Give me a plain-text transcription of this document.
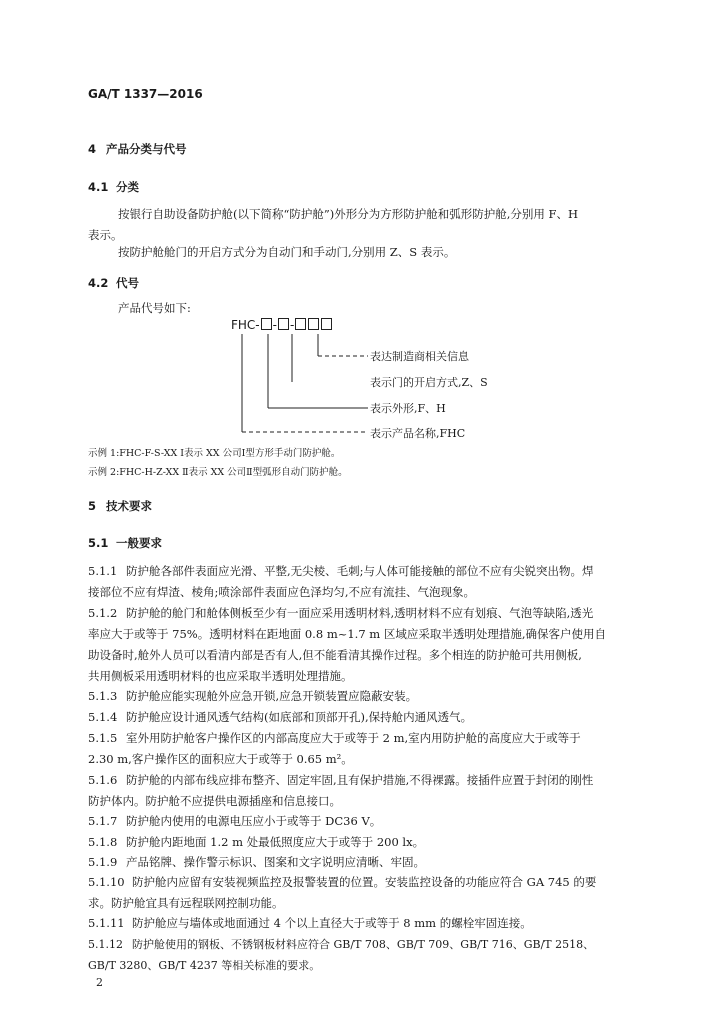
GA/T 1337—2016
4 产品分类与代号
4.1 分类
按银行自助设备防护舱(以下简称“防护舱”)外形分为方形防护舱和弧形防护舱,分别用 F、H
表示。
按防护舱舱门的开启方式分为自动门和手动门,分别用 Z、S 表示。
4.2 代号
产品代号如下:
FHC- - -
表达制造商相关信息
表示门的开启方式,Z、S
表示外形,F、H
表示产品名称,FHC
示例 1:FHC-F-S-XX Ⅰ表示 XX 公司Ⅰ型方形手动门防护舱。
示例 2:FHC-H-Z-XX Ⅱ表示 XX 公司Ⅱ型弧形自动门防护舱。
5 技术要求
5.1 一般要求
5.1.1 防护舱各部件表面应光滑、平整,无尖棱、毛刺;与人体可能接触的部位不应有尖锐突出物。焊
接部位不应有焊渣、棱角;喷涂部件表面应色泽均匀,不应有流挂、气泡现象。
5.1.2 防护舱的舱门和舱体侧板至少有一面应采用透明材料,透明材料不应有划痕、气泡等缺陷,透光
率应大于或等于 75%。透明材料在距地面 0.8 m~1.7 m 区域应采取半透明处理措施,确保客户使用自
助设备时,舱外人员可以看清内部是否有人,但不能看清其操作过程。多个相连的防护舱可共用侧板,
共用侧板采用透明材料的也应采取半透明处理措施。
5.1.3 防护舱应能实现舱外应急开锁,应急开锁装置应隐蔽安装。
5.1.4 防护舱应设计通风透气结构(如底部和顶部开孔),保持舱内通风透气。
5.1.5 室外用防护舱客户操作区的内部高度应大于或等于 2 m,室内用防护舱的高度应大于或等于
2.30 m,客户操作区的面积应大于或等于 0.65 m²。
5.1.6 防护舱的内部布线应排布整齐、固定牢固,且有保护措施,不得裸露。接插件应置于封闭的刚性
防护体内。防护舱不应提供电源插座和信息接口。
5.1.7 防护舱内使用的电源电压应小于或等于 DC36 V。
5.1.8 防护舱内距地面 1.2 m 处最低照度应大于或等于 200 lx。
5.1.9 产品铭牌、操作警示标识、图案和文字说明应清晰、牢固。
5.1.10 防护舱内应留有安装视频监控及报警装置的位置。安装监控设备的功能应符合 GA 745 的要
求。防护舱宜具有远程联网控制功能。
5.1.11 防护舱应与墙体或地面通过 4 个以上直径大于或等于 8 mm 的螺栓牢固连接。
5.1.12 防护舱使用的钢板、不锈钢板材料应符合 GB/T 708、GB/T 709、GB/T 716、GB/T 2518、
GB/T 3280、GB/T 4237 等相关标准的要求。
2
